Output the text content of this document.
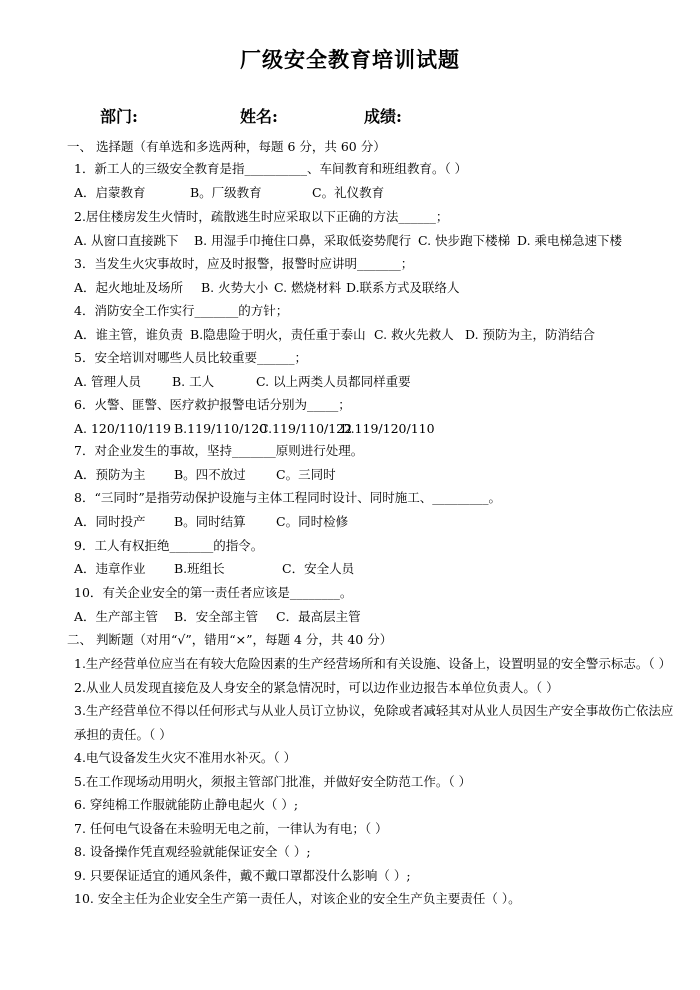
厂级安全教育培训试题
部门:	姓名:	成绩:
一、 选择题（有单选和多选两种，每题 6 分，共 60 分）
1．新工人的三级安全教育是指__________、车间教育和班组教育。（ ）
A．启蒙教育	B。厂级教育	C。礼仪教育
2.居住楼房发生火情时，疏散逃生时应采取以下正确的方法______；
A. 从窗口直接跳下 B. 用湿手巾掩住口鼻，采取低姿势爬行 C. 快步跑下楼梯 D. 乘电梯急速下楼
3．当发生火灾事故时，应及时报警，报警时应讲明_______；
A．起火地址及场所 B. 火势大小 C. 燃烧材料 D.联系方式及联络人
4．消防安全工作实行_______的方针；
A．谁主管，谁负责 B.隐患险于明火，责任重于泰山 C. 救火先救人 D. 预防为主，防消结合
5．安全培训对哪些人员比较重要______；
A. 管理人员 B. 工人	C. 以上两类人员都同样重要
6．火警、匪警、医疗救护报警电话分别为_____；
A. 120/110/119 B.119/110/120
C.119/110/122
D.119/120/110
7．对企业发生的事故，坚持_______原则进行处理。
A．预防为主 B。四不放过 C。三同时
8．“三同时”是指劳动保护设施与主体工程同时设计、同时施工、_________。
A．同时投产 B。同时结算 C。同时检修
9．工人有权拒绝_______的指令。
A．违章作业 B.班组长	C．安全人员
10．有关企业安全的第一责任者应该是________。
A．生产部主管 B．安全部主管 C．最高层主管
二、 判断题（对用“√”，错用“×”，每题 4 分，共 40 分）
1.生产经营单位应当在有较大危险因素的生产经营场所和有关设施、设备上，设置明显的安全警示标志。（ ）
2.从业人员发现直接危及人身安全的紧急情况时，可以边作业边报告本单位负责人。（ ）
3.生产经营单位不得以任何形式与从业人员订立协议，免除或者减轻其对从业人员因生产安全事故伤亡依法应
承担的责任。（ ）
4.电气设备发生火灾不准用水补灭。（ ）
5.在工作现场动用明火，须报主管部门批准，并做好安全防范工作。（ ）
6. 穿纯棉工作服就能防止静电起火（ ）;
7. 任何电气设备在未验明无电之前，一律认为有电；（ ）
8. 设备操作凭直观经验就能保证安全（ ）;
9. 只要保证适宜的通风条件，戴不戴口罩都没什么影响（ ）;
10. 安全主任为企业安全生产第一责任人，对该企业的安全生产负主要责任（ ）。
